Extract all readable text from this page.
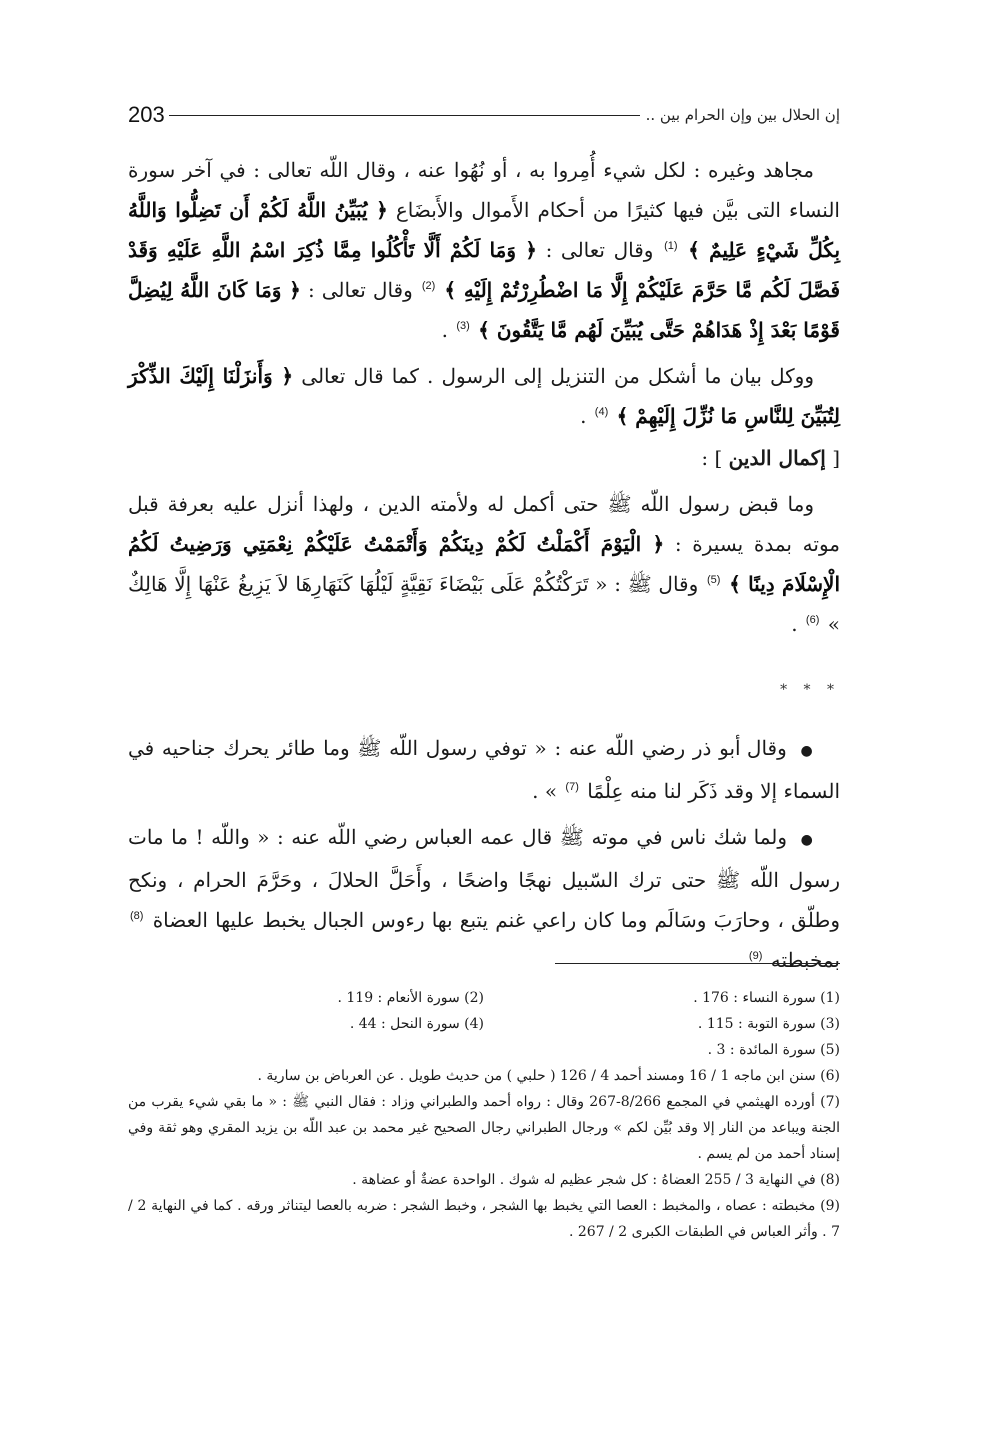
203	إن الحلال بين وإن الحرام بين ..

مجاهد وغيره : لكل شيء أُمِروا به ، أو نُهُوا عنه ، وقال اللّه تعالى : في آخر سورة النساء التى بيَّن فيها كثيرًا من أحكام الأَموال والأَبضَاع ﴿ يُبَيِّنُ اللَّهُ لَكُمْ أَن تَضِلُّوا وَاللَّهُ بِكُلِّ شَيْءٍ عَلِيمٌ ﴾ $^{(1)}$ وقال تعالى : ﴿ وَمَا لَكُمْ أَلَّا تَأْكُلُوا مِمَّا ذُكِرَ اسْمُ اللَّهِ عَلَيْهِ وَقَدْ فَصَّلَ لَكُم مَّا حَرَّمَ عَلَيْكُمْ إِلَّا مَا اضْطُرِرْتُمْ إِلَيْهِ ﴾ $^{(2)}$ وقال تعالى : ﴿ وَمَا كَانَ اللَّهُ لِيُضِلَّ قَوْمًا بَعْدَ إِذْ هَدَاهُمْ حَتَّى يُبَيِّنَ لَهُم مَّا يَتَّقُونَ ﴾ $^{(3)}$ .

ووكل بيان ما أشكل من التنزيل إلى الرسول . كما قال تعالى ﴿ وَأَنزَلْنَا إِلَيْكَ الذِّكْرَ لِتُبَيِّنَ لِلنَّاسِ مَا نُزِّلَ إِلَيْهِمْ ﴾ $^{(4)}$ .

[ إكمال الدين ] :

وما قبض رسول اللّه ﷺ حتى أكمل له ولأمته الدين ، ولهذا أنزل عليه بعرفة قبل موته بمدة يسيرة : ﴿ الْيَوْمَ أَكْمَلْتُ لَكُمْ دِينَكُمْ وَأَتْمَمْتُ عَلَيْكُمْ نِعْمَتِي وَرَضِيتُ لَكُمُ الْإِسْلَامَ دِينًا ﴾ $^{(5)}$ وقال ﷺ : « تَرَكْتُكُمْ عَلَى بَيْضَاءَ نَقِيَّةٍ لَيْلُهَا كَنَهَارِهَا لاَ يَزِيغُ عَنْهَا إِلَّا هَالِكٌ » $^{(6)}$ .

* * *

● وقال أبو ذر رضي اللّه عنه : « توفي رسول اللّه ﷺ وما طائر يحرك جناحيه في السماء إلا وقد ذَكَر لنا منه عِلْمًا $^{(7)}$ » .

● ولما شك ناس في موته ﷺ قال عمه العباس رضي اللّه عنه : « واللّه ! ما مات رسول اللّه ﷺ حتى ترك السّبيل نهجًا واضحًا ، وأَحَلَّ الحلالَ ، وحَرَّمَ الحرام ، ونكح وطلّق ، وحارَبَ وسَالَم وما كان راعي غنم يتبع بها رءوس الجبال يخبط عليها العضاة $^{(8)}$ بمخبطته $^{(9)}$

(1) سورة النساء : 176 .
(2) سورة الأنعام : 119 .
(3) سورة التوبة : 115 .
(4) سورة النحل : 44 .

(5) سورة المائدة : 3 .

(6) سنن ابن ماجه 1 / 16 ومسند أحمد 4 / 126 ( حلبي ) من حديث طويل . عن العرباض بن سارية .

(7) أورده الهيثمي في المجمع 8/266-267 وقال : رواه أحمد والطبراني وزاد : فقال النبي ﷺ : « ما بقي شيء يقرب من الجنة ويباعد من النار إلا وقد بُيِّن لكم » ورجال الطبراني رجال الصحيح غير محمد بن عبد اللّه بن يزيد المقري وهو ثقة وفي إسناد أحمد من لم يسم .

(8) في النهاية 3 / 255 العضاهُ : كل شجر عظيم له شوك . الواحدة عضةٌ أو عضاهة .

(9) مخبطته : عصاه ، والمخبط : العصا التي يخبط بها الشجر ، وخبط الشجر : ضربه بالعصا ليتناثر ورقه . كما في النهاية 2 / 7 . وأثر العباس في الطبقات الكبرى 2 / 267 .
